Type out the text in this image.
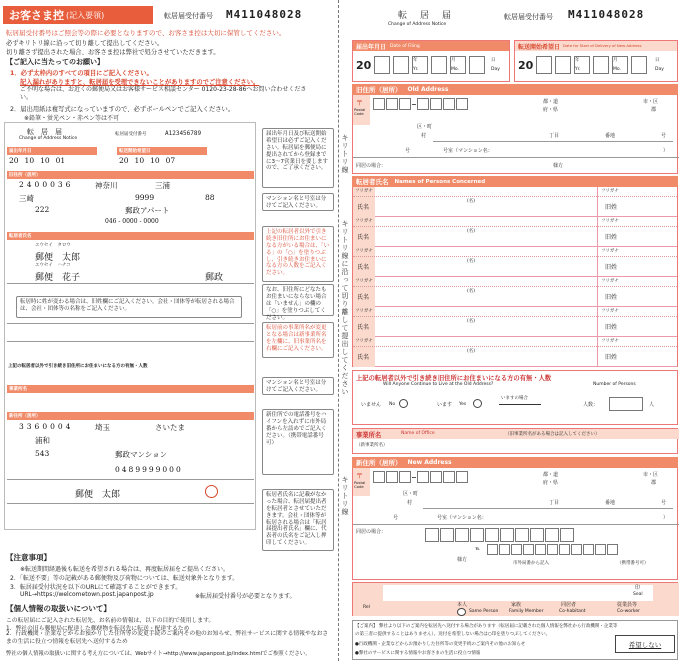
お客さま控 (記入要領)	転居届受付番号 M411048028
転居届受付番号はご照会等の際に必要となりますので、お客さま控は大切に保管してください。
必ずキリトリ線に沿って切り離して提出してください。
切り離さず提出された場合、お客さま控は弊社で処分させていただきます。
【ご記入に当たってのお願い】
1．必ず太枠内のすべての項目にご記入ください。
記入漏れがありますと、転居届を受理できないことがありますのでご注意ください。
ご不明な場合は、お近くの郵便局又はお客様サービス相談センター 0120-23-28-86へお問い合わせください。
2．届出用紙は複写式になっていますので、必ずボールペンでご記入ください。
※鉛筆・蛍光ペン・赤ペン等は不可
転　居　届
Change of Address Notice
転居届受付番号	A123456789
届出年月日	転送開始希望日
20 10 10 01	20 10 10 07
旧住所（居所）
2400036	神奈川	三浦
三崎	9999	88
222	郵政アパート
046 - 0000 - 0000
転居者氏名
ユウセイ　タロウ
郵便　太郎
ユウセイ　ハナコ
郵便　花子	郵政
上記の転居者以外で引き続き旧住所にお住まいになる方の有無・人数
事業所名
新住所（居所）
3360004	埼玉	さいたま
浦和
543	郵政マンション
0489999000
郵便　太郎
届出年月日及び転送開始希望日は必ずご記入ください。転居届を郵便局に提出されてから登録までに3〜7営業日を要しますので、ご了承ください。
マンション名と号室は分けてご記入ください。
上記の転居者以外で引き続き旧住所にお住まいになる方がいる場合は、「いる」の「○」を塗りつぶし、引き続きお住まいになる方の人数をご記入ください。
なお、旧住所にどなたもお住まいにならない場合は「いません」の欄の「○」を塗りつぶしてください。
転居時に姓が変わる場合は、旧姓欄にご記入ください。会社・団体等が転居される場合は、会社・団体等の名称をご記入ください。
転居前の事業所名が変更となる場合は新事業所名を左欄に、旧事業所名を右欄にご記入ください。
マンション名と号室は分けてご記入ください。
新住所での電話番号をハイフンを入れずに市外局番から左詰めでご記入ください。（携帯電話番号可）
転居者氏名に記載がなかった場合、転居届提出者を転居者とさせていただきます。会社・団体等が転居される場合は「転居届提出者氏名」欄に、代表者の氏名をご記入し押印してください。
【注意事項】
※転送期間経過後も転送を希望される場合は、再度転居届をご提出ください。
2．「転送不要」等の記載がある郵便物及び荷物については、転送対象外となります。
3．転居届受付状況を以下のURLにて確認することができます。
URL→https://welcometown.post.japanpost.jp	※転居届受付番号が必要となります。
【個人情報の取扱いについて】
この転居届にご記入された転居先、お名前の情報は、以下の目的で使用します。
1．弊社の旧ら郵便局に配達した郵便物を転居先に転送・配達するため
2．行政機関・企業などからお預かりした住所等の変更手続のご案内その他のお知らせ、弊社サービスに関する情報やなおさまの生活に役立つ情報を転居先へ送付するため
弊社の個人情報の取扱いに関する考え方については、Webサイト→http://www.japanpost.jp/index.htmlでご参照ください。
キリトリ線
キリトリ線に沿って切り離して提出してください
キリトリ線
転　居　届
Change of Address Notice
転居届受付番号 M411048028
届出年月日 Date of Filing
20	年	月	日
Yr.	Mo.	Day
転送開始希望日 Date for Start of Delivery of New Address
20	年	月	日
Yr.	Mo.	Day
旧住所（居所） Old Address
〒
Postal Code
都・道
府・県
市・区
郡
区・町
村	丁目	番地	号
号	号室（マンション名：	）
同居の場合：	様方
転居者氏名 Names of Persons Concerned
フリガナ	フリガナ
氏名
(名)
旧姓
フリガナ	フリガナ
氏名
(名)
旧姓
フリガナ	フリガナ
氏名
(名)
旧姓
フリガナ	フリガナ
氏名
(名)
旧姓
フリガナ	フリガナ
氏名
(名)
旧姓
フリガナ	フリガナ
氏名
(名)
旧姓
上記の転居者以外で引き続き旧住所にお住まいになる方の有無・人数
Will Anyone Continue to Live at the Old Address?	Number of Persons
いません No	います Yes
いますの場合
人数：	人
事業所名	Name of Office	（旧事業所名がある場合は記入してください）
（新事業所名）
新住所（居所） New Address
〒
Postal Code
都・道
府・県
市・区
郡
区・町
村	丁目	番地	号
号	号室（マンション名：	）
同居の場合：
℡
様方
市外局番から記入	（携帯番号可）
印
Seal
Rel	本人
Same Person
家族
Family Member
同居者
Co-habitant
従業員等
Co-worker
【ご案内】 弊社より以下のご案内を転居先へ送付する場合があります（転居届に記載された個人情報を弊社から行政機関・企業等
の第三者に提供することはありません）。送付を希望しない場合は○印を塗りつぶしてください。
●行政機関・企業などからお預かりした住所等の変更手続のご案内その他のお知らせ
●弊社のサービスに関する情報やお客さまの生活に役立つ情報
希望しない
